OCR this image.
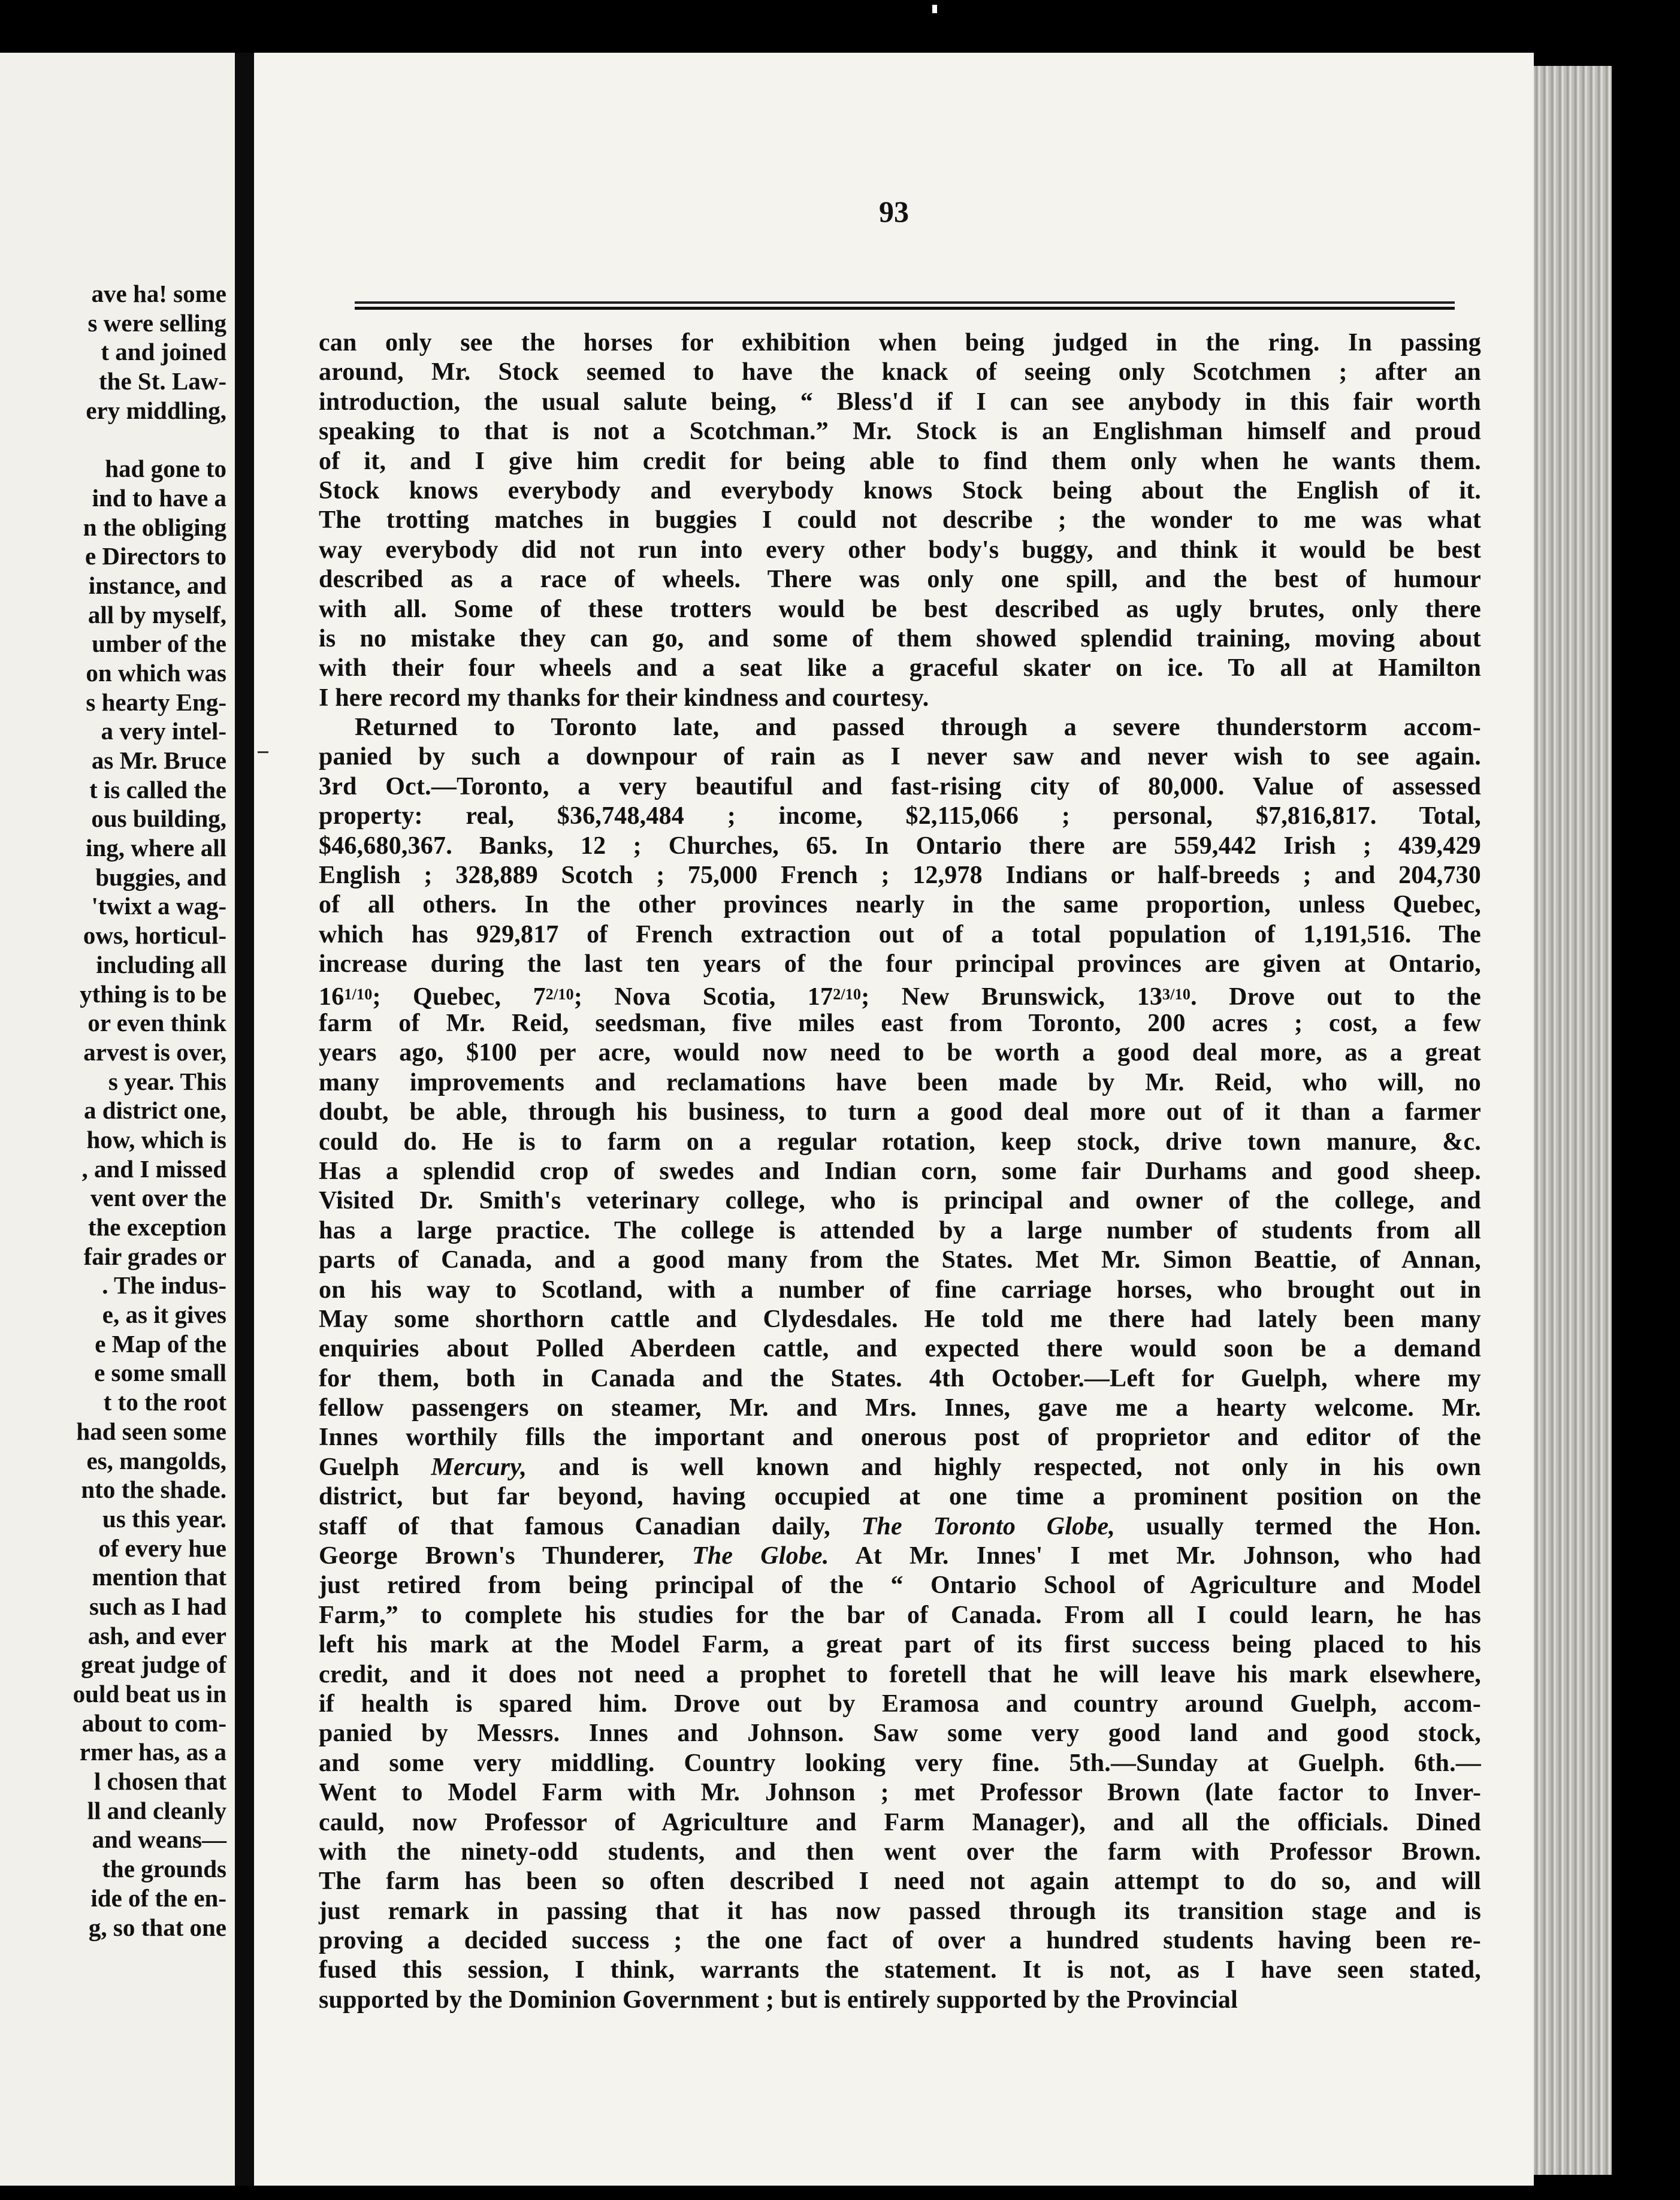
ave ha! some
s were selling
t and joined
the St. Law-
ery middling,
had gone to
ind to have a
n the obliging
e Directors to
instance, and
all by myself,
umber of the
on which was
s hearty Eng-
a very intel-
as Mr. Bruce
t is called the
ous building,
ing, where all
buggies, and
'twixt a wag-
ows, horticul-
including all
ything is to be
or even think
arvest is over,
s year. This
a district one,
how, which is
, and I missed
vent over the
the exception
fair grades or
. The indus-
e, as it gives
e Map of the
e some small
t to the root
had seen some
es, mangolds,
nto the shade.
us this year.
of every hue
mention that
such as I had
ash, and ever
great judge of
ould beat us in
about to com-
rmer has, as a
l chosen that
ll and cleanly
and weans—
the grounds
ide of the en-
g, so that one
93
can only see the horses for exhibition when being judged in the ring. In passing
around, Mr. Stock seemed to have the knack of seeing only Scotchmen ; after an
introduction, the usual salute being, “ Bless'd if I can see anybody in this fair worth
speaking to that is not a Scotchman.” Mr. Stock is an Englishman himself and proud
of it, and I give him credit for being able to find them only when he wants them.
Stock knows everybody and everybody knows Stock being about the English of it.
The trotting matches in buggies I could not describe ; the wonder to me was what
way everybody did not run into every other body's buggy, and think it would be best
described as a race of wheels. There was only one spill, and the best of humour
with all. Some of these trotters would be best described as ugly brutes, only there
is no mistake they can go, and some of them showed splendid training, moving about
with their four wheels and a seat like a graceful skater on ice. To all at Hamilton
I here record my thanks for their kindness and courtesy.
Returned to Toronto late, and passed through a severe thunderstorm accom-
panied by such a downpour of rain as I never saw and never wish to see again.
3rd Oct.—Toronto, a very beautiful and fast-rising city of 80,000. Value of assessed
property: real, $36,748,484 ; income, $2,115,066 ; personal, $7,816,817. Total,
$46,680,367. Banks, 12 ; Churches, 65. In Ontario there are 559,442 Irish ; 439,429
English ; 328,889 Scotch ; 75,000 French ; 12,978 Indians or half-breeds ; and 204,730
of all others. In the other provinces nearly in the same proportion, unless Quebec,
which has 929,817 of French extraction out of a total population of 1,191,516. The
increase during the last ten years of the four principal provinces are given at Ontario,
$16^{1/10}$; Quebec, $7^{2/10}$; Nova Scotia, $17^{2/10}$; New Brunswick, $13^{3/10}$. Drove out to the
farm of Mr. Reid, seedsman, five miles east from Toronto, 200 acres ; cost, a few
years ago, $100 per acre, would now need to be worth a good deal more, as a great
many improvements and reclamations have been made by Mr. Reid, who will, no
doubt, be able, through his business, to turn a good deal more out of it than a farmer
could do. He is to farm on a regular rotation, keep stock, drive town manure, &c.
Has a splendid crop of swedes and Indian corn, some fair Durhams and good sheep.
Visited Dr. Smith's veterinary college, who is principal and owner of the college, and
has a large practice. The college is attended by a large number of students from all
parts of Canada, and a good many from the States. Met Mr. Simon Beattie, of Annan,
on his way to Scotland, with a number of fine carriage horses, who brought out in
May some shorthorn cattle and Clydesdales. He told me there had lately been many
enquiries about Polled Aberdeen cattle, and expected there would soon be a demand
for them, both in Canada and the States. 4th October.—Left for Guelph, where my
fellow passengers on steamer, Mr. and Mrs. Innes, gave me a hearty welcome. Mr.
Innes worthily fills the important and onerous post of proprietor and editor of the
Guelph Mercury, and is well known and highly respected, not only in his own
district, but far beyond, having occupied at one time a prominent position on the
staff of that famous Canadian daily, The Toronto Globe, usually termed the Hon.
George Brown's Thunderer, The Globe. At Mr. Innes' I met Mr. Johnson, who had
just retired from being principal of the “ Ontario School of Agriculture and Model
Farm,” to complete his studies for the bar of Canada. From all I could learn, he has
left his mark at the Model Farm, a great part of its first success being placed to his
credit, and it does not need a prophet to foretell that he will leave his mark elsewhere,
if health is spared him. Drove out by Eramosa and country around Guelph, accom-
panied by Messrs. Innes and Johnson. Saw some very good land and good stock,
and some very middling. Country looking very fine. 5th.—Sunday at Guelph. 6th.—
Went to Model Farm with Mr. Johnson ; met Professor Brown (late factor to Inver-
cauld, now Professor of Agriculture and Farm Manager), and all the officials. Dined
with the ninety-odd students, and then went over the farm with Professor Brown.
The farm has been so often described I need not again attempt to do so, and will
just remark in passing that it has now passed through its transition stage and is
proving a decided success ; the one fact of over a hundred students having been re-
fused this session, I think, warrants the statement. It is not, as I have seen stated,
supported by the Dominion Government ; but is entirely supported by the Provincial
